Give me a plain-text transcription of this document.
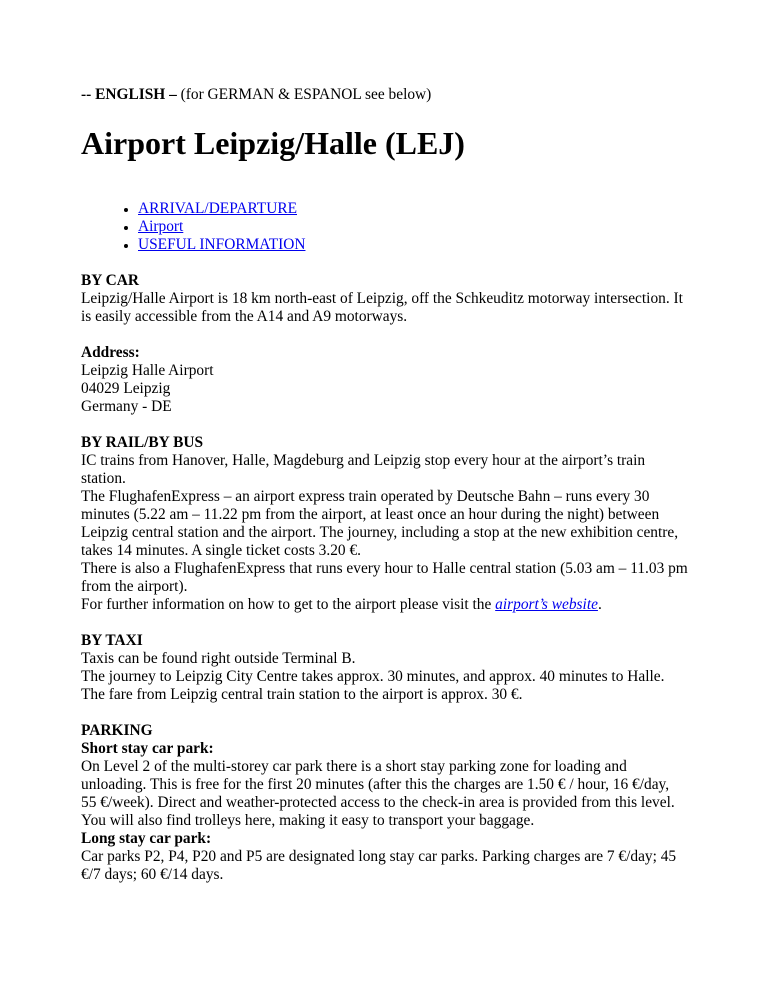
-- ENGLISH – (for GERMAN & ESPANOL see below)

Airport Leipzig/Halle (LEJ)
• ARRIVAL/DEPARTURE
• Airport
• USEFUL INFORMATION

BY CAR
Leipzig/Halle Airport is 18 km north-east of Leipzig, off the Schkeuditz motorway intersection. It is easily accessible from the A14 and A9 motorways.

Address:
Leipzig Halle Airport
04029 Leipzig
Germany - DE

BY RAIL/BY BUS
IC trains from Hanover, Halle, Magdeburg and Leipzig stop every hour at the airport’s train station.

The FlughafenExpress – an airport express train operated by Deutsche Bahn – runs every 30 minutes (5.22 am – 11.22 pm from the airport, at least once an hour during the night) between Leipzig central station and the airport. The journey, including a stop at the new exhibition centre, takes 14 minutes. A single ticket costs 3.20 €.
There is also a FlughafenExpress that runs every hour to Halle central station (5.03 am – 11.03 pm from the airport).

For further information on how to get to the airport please visit the airport’s website.

BY TAXI
Taxis can be found right outside Terminal B.
The journey to Leipzig City Centre takes approx. 30 minutes, and approx. 40 minutes to Halle.
The fare from Leipzig central train station to the airport is approx. 30 €.

PARKING
Short stay car park:
On Level 2 of the multi-storey car park there is a short stay parking zone for loading and unloading. This is free for the first 20 minutes (after this the charges are 1.50 € / hour, 16 €/day, 55 €/week). Direct and weather-protected access to the check-in area is provided from this level. You will also find trolleys here, making it easy to transport your baggage.

Long stay car park:
Car parks P2, P4, P20 and P5 are designated long stay car parks. Parking charges are 7 €/day; 45 €/7 days; 60 €/14 days.
